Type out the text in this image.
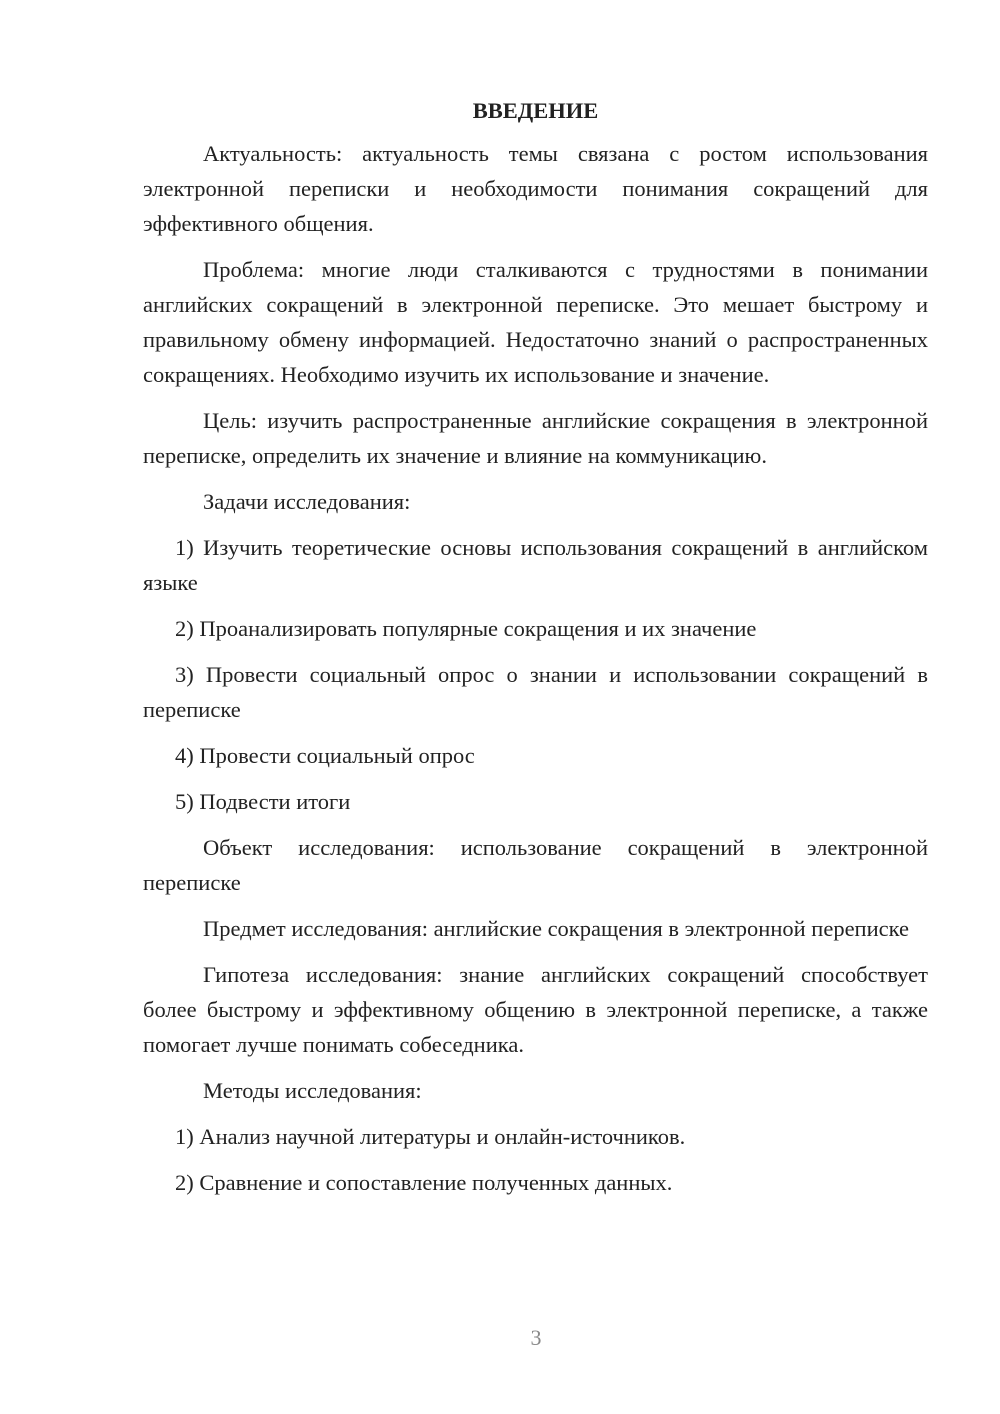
ВВЕДЕНИЕ

Актуальность: актуальность темы связана с ростом использования электронной переписки и необходимости понимания сокращений для эффективного общения.

Проблема: многие люди сталкиваются с трудностями в понимании английских сокращений в электронной переписке. Это мешает быстрому и правильному обмену информацией. Недостаточно знаний о распространенных сокращениях. Необходимо изучить их использование и значение.

Цель: изучить распространенные английские сокращения в электронной переписке, определить их значение и влияние на коммуникацию.

Задачи исследования:

1) Изучить теоретические основы использования сокращений в английском языке

2) Проанализировать популярные сокращения и их значение

3) Провести социальный опрос о знании и использовании сокращений в переписке

4) Провести социальный опрос

5) Подвести итоги

Объект исследования: использование сокращений в электронной переписке

Предмет исследования: английские сокращения в электронной переписке

Гипотеза исследования: знание английских сокращений способствует более быстрому и эффективному общению в электронной переписке, а также помогает лучше понимать собеседника.

Методы исследования:

1) Анализ научной литературы и онлайн-источников.

2) Сравнение и сопоставление полученных данных.

3
